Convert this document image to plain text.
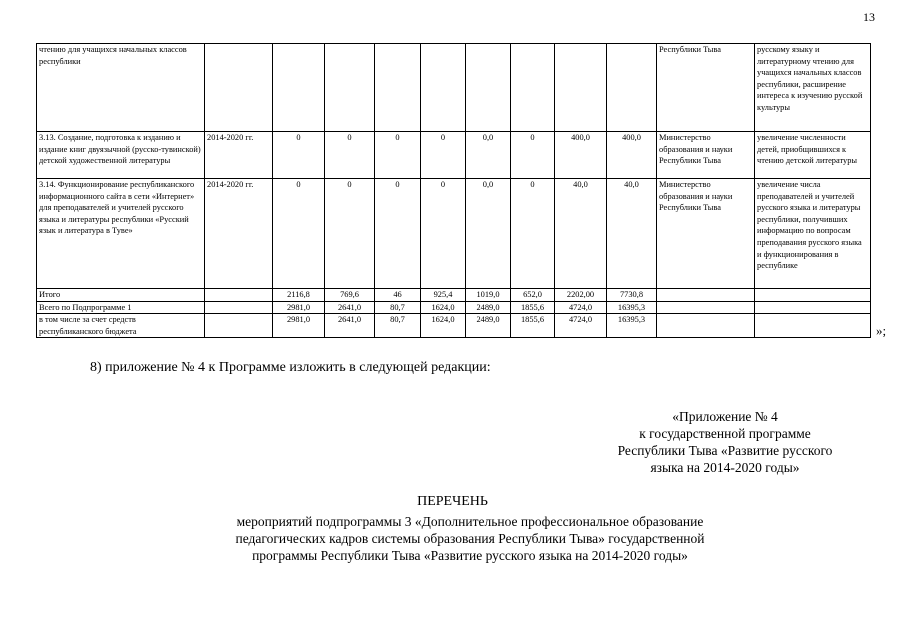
13
чтению для учащихся начальных классов республики										Республики Тыва	русскому языку и литературному чтению для учащихся начальных классов республики, расширение интереса к изучению русской культуры
3.13. Создание, подготовка к изданию и издание книг двуязычной (русско-тувинской) детской художественной литературы	2014-2020 гг.	0	0	0	0	0,0	0	400,0	400,0	Министерство образования и науки Республики Тыва	увеличение численности детей, приобщившихся к чтению детской литературы
3.14. Функционирование республиканского информационного сайта в сети «Интернет» для преподавателей и учителей русского языка и литературы республики «Русский язык и литература в Туве»	2014-2020 гг.	0	0	0	0	0,0	0	40,0	40,0	Министерство образования и науки Республики Тыва	увеличение числа преподавателей и учителей русского языка и литературы республики, получивших информацию по вопросам преподавания русского языка и функционирования в республике
Итого		2116,8	769,6	46	925,4	1019,0	652,0	2202,00	7730,8		
Всего по Подпрограмме 1		2981,0	2641,0	80,7	1624,0	2489,0	1855,6	4724,0	16395,3		
в том числе за счет средств республиканского бюджета		2981,0	2641,0	80,7	1624,0	2489,0	1855,6	4724,0	16395,3		
»;
8) приложение № 4 к Программе изложить в следующей редакции:
«Приложение № 4
к государственной программе
Республики Тыва «Развитие русского
языка на 2014-2020 годы»
ПЕРЕЧЕНЬ
мероприятий подпрограммы 3 «Дополнительное профессиональное образование
педагогических кадров системы образования Республики Тыва» государственной
программы Республики Тыва «Развитие русского языка на 2014-2020 годы»
